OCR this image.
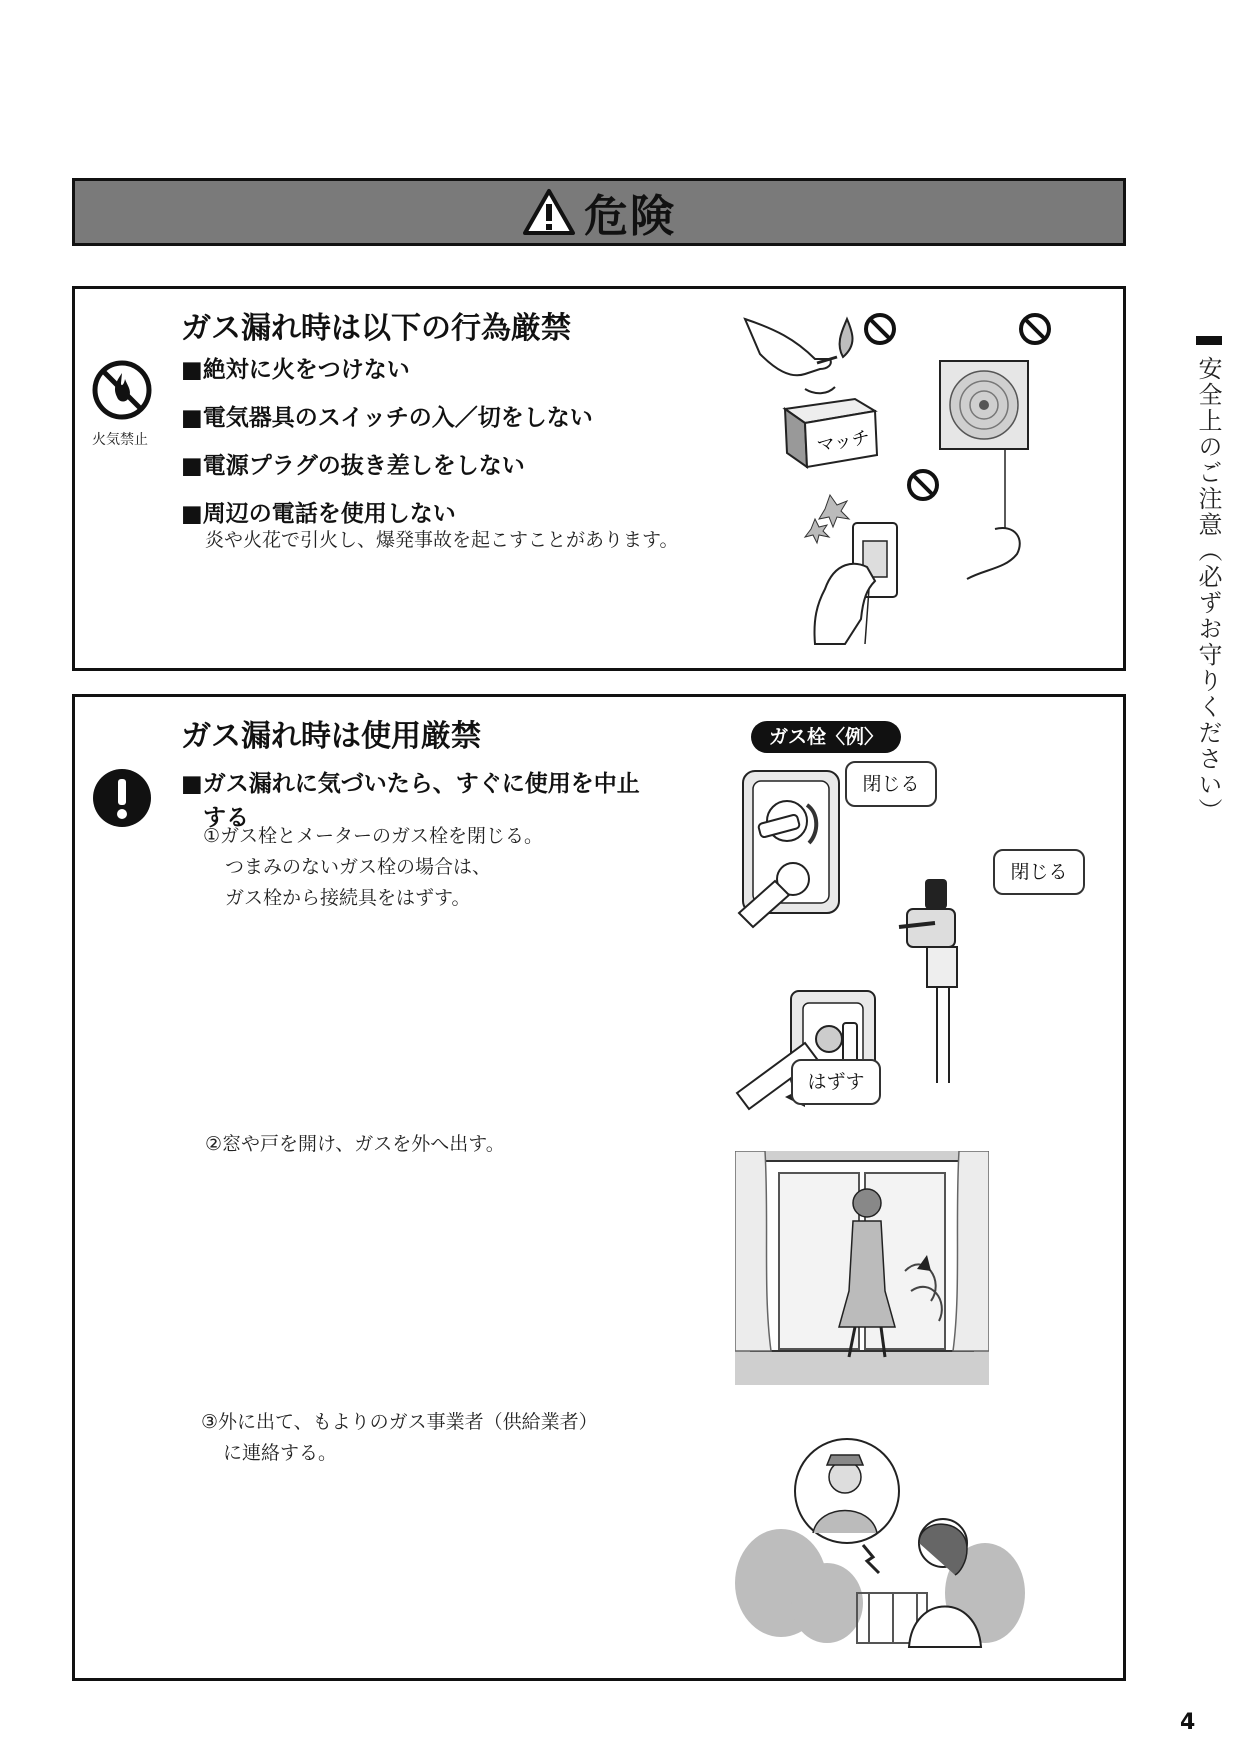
危険
ガス漏れ時は以下の行為厳禁
火気禁止
■絶対に火をつけない
■電気器具のスイッチの入／切をしない
■電源プラグの抜き差しをしない
■周辺の電話を使用しない
炎や火花で引火し、爆発事故を起こすことがあります。
マッチ
ガス漏れ時は使用厳禁
■ガス漏れに気づいたら、すぐに使用を中止
する
①ガス栓とメーターのガス栓を閉じる。
つまみのないガス栓の場合は、
ガス栓から接続具をはずす。
②窓や戸を開け、ガスを外へ出す。
③外に出て、もよりのガス事業者（供給業者）
に連絡する。
ガス栓〈例〉
閉じる
閉じる
はずす
安全上のご注意（必ずお守りください）
4
